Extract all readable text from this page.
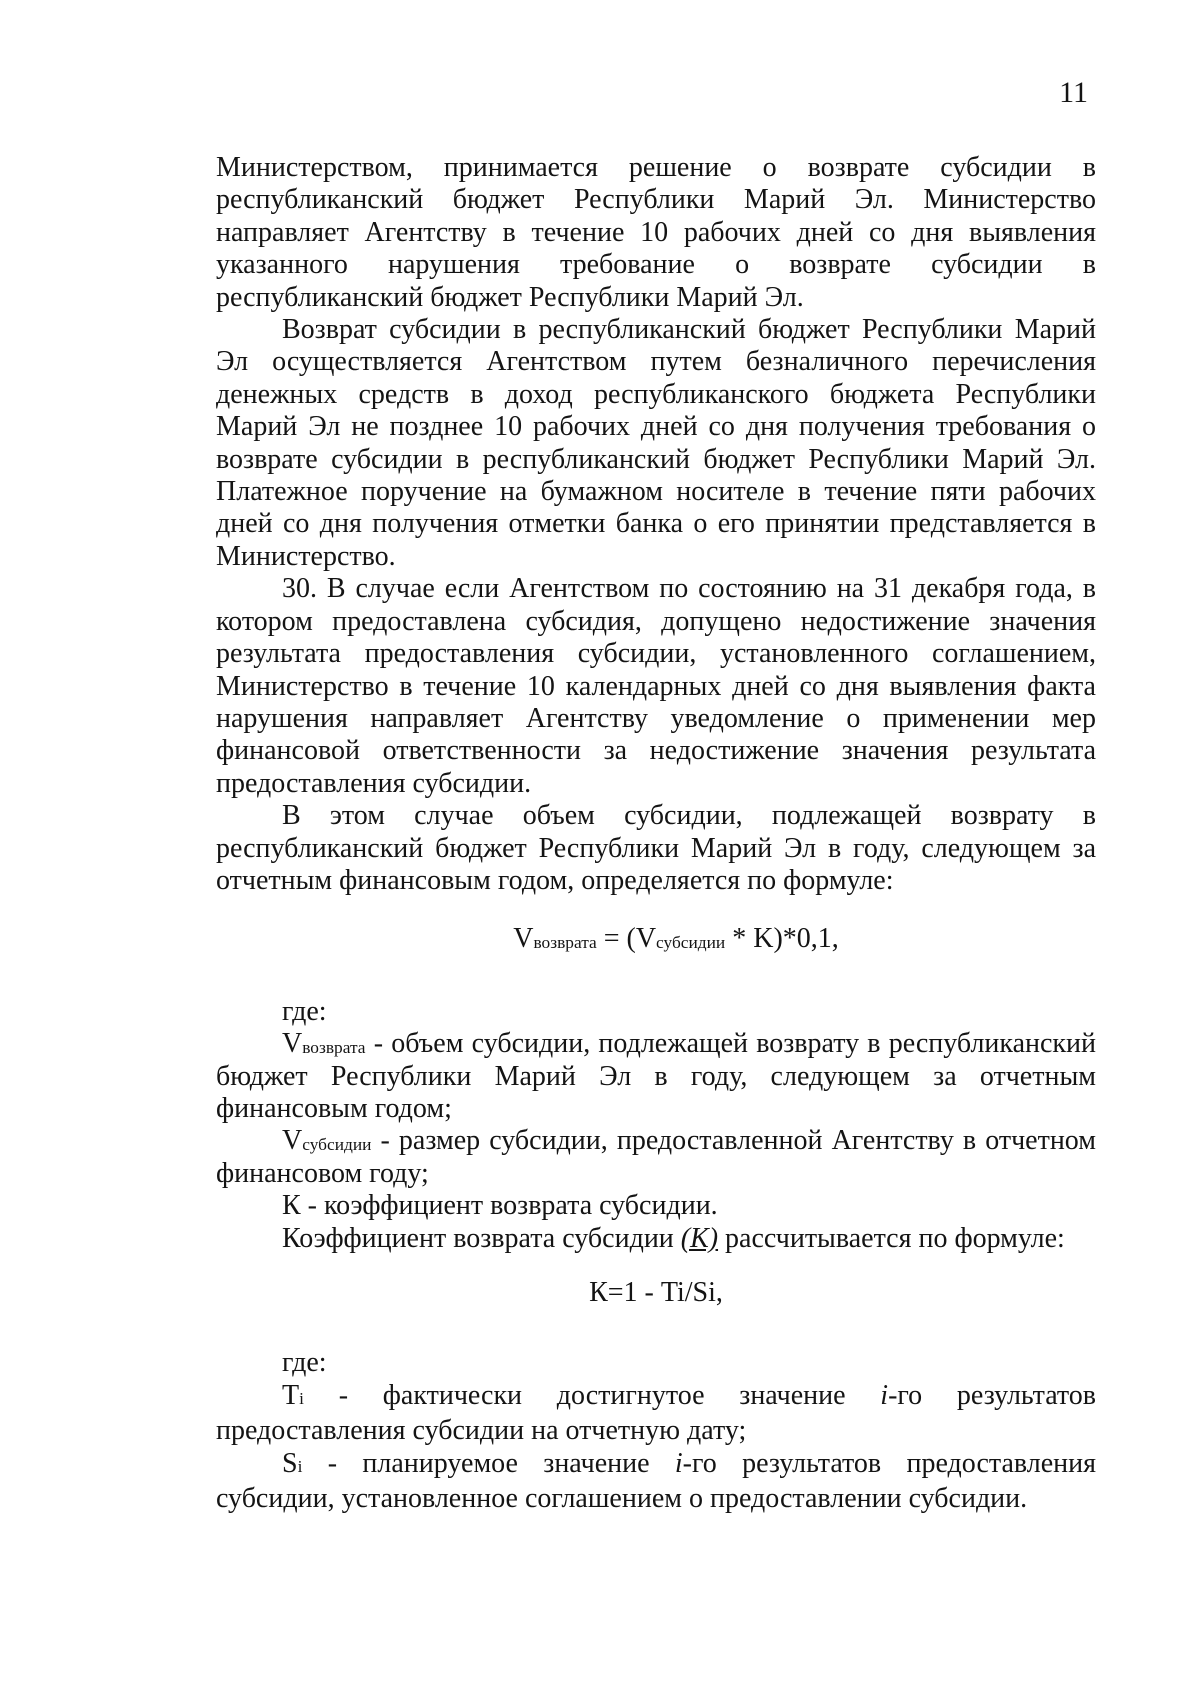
11

Министерством, принимается решение о возврате субсидии в республиканский бюджет Республики Марий Эл. Министерство направляет Агентству в течение 10 рабочих дней со дня выявления указанного нарушения требование о возврате субсидии в республиканский бюджет Республики Марий Эл.

Возврат субсидии в республиканский бюджет Республики Марий Эл осуществляется Агентством путем безналичного перечисления денежных средств в доход республиканского бюджета Республики Марий Эл не позднее 10 рабочих дней со дня получения требования о возврате субсидии в республиканский бюджет Республики Марий Эл. Платежное поручение на бумажном носителе в течение пяти рабочих дней со дня получения отметки банка о его принятии представляется в Министерство.

30. В случае если Агентством по состоянию на 31 декабря года, в котором предоставлена субсидия, допущено недостижение значения результата предоставления субсидии, установленного соглашением, Министерство в течение 10 календарных дней со дня выявления факта нарушения направляет Агентству уведомление о применении мер финансовой ответственности за недостижение значения результата предоставления субсидии.

В этом случае объем субсидии, подлежащей возврату в республиканский бюджет Республики Марий Эл в году, следующем за отчетным финансовым годом, определяется по формуле:

$V_{возврата} = (V_{субсидии} * K)*0,1$,

где:

$V_{возврата}$ - объем субсидии, подлежащей возврату в республиканский бюджет Республики Марий Эл в году, следующем за отчетным финансовым годом;

$V_{субсидии}$ - размер субсидии, предоставленной Агентству в отчетном финансовом году;

К - коэффициент возврата субсидии.

Коэффициент возврата субсидии (К) рассчитывается по формуле:

К=1 - Ti/Si,

где:

Тi - фактически достигнутое значение i-го результатов предоставления субсидии на отчетную дату;

Si - планируемое значение i-го результатов предоставления субсидии, установленное соглашением о предоставлении субсидии.
